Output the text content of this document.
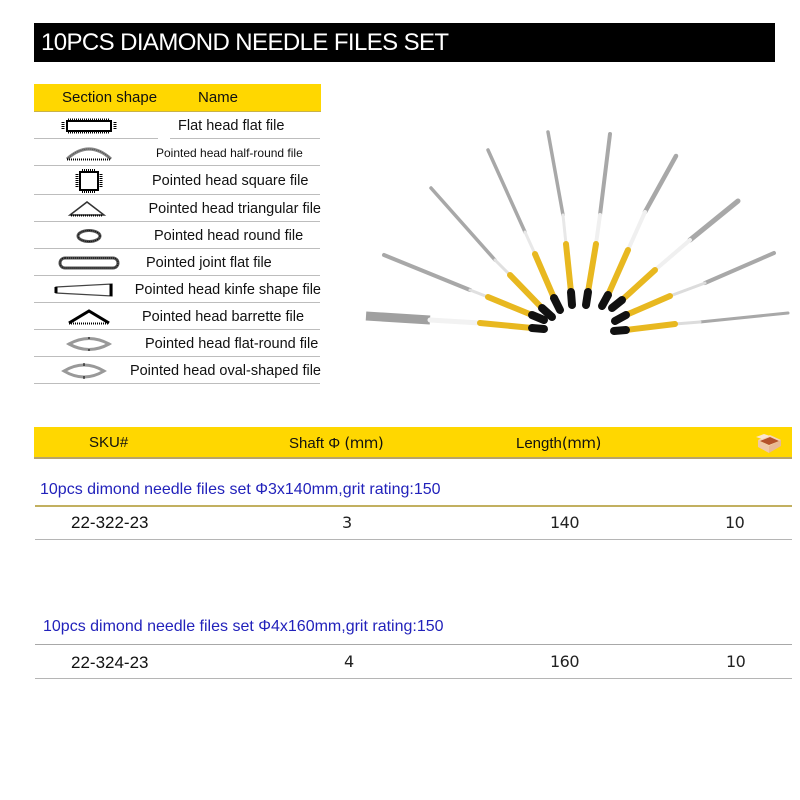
10PCS DIAMOND NEEDLE FILES SET
Section shape	Name
Flat head flat file
Pointed head half-round file
Pointed head square file
Pointed head triangular file
Pointed head round file
Pointed joint flat file
Pointed head kinfe shape file
Pointed head barrette file
Pointed head flat-round file
Pointed head oval-shaped file
SKU#	Shaft Φ (mm)	Length(mm)
10pcs dimond needle files set Φ3x140mm,grit rating:150
22-322-23	3	140	10
10pcs dimond needle files set Φ4x160mm,grit rating:150
22-324-23	4	160	10
